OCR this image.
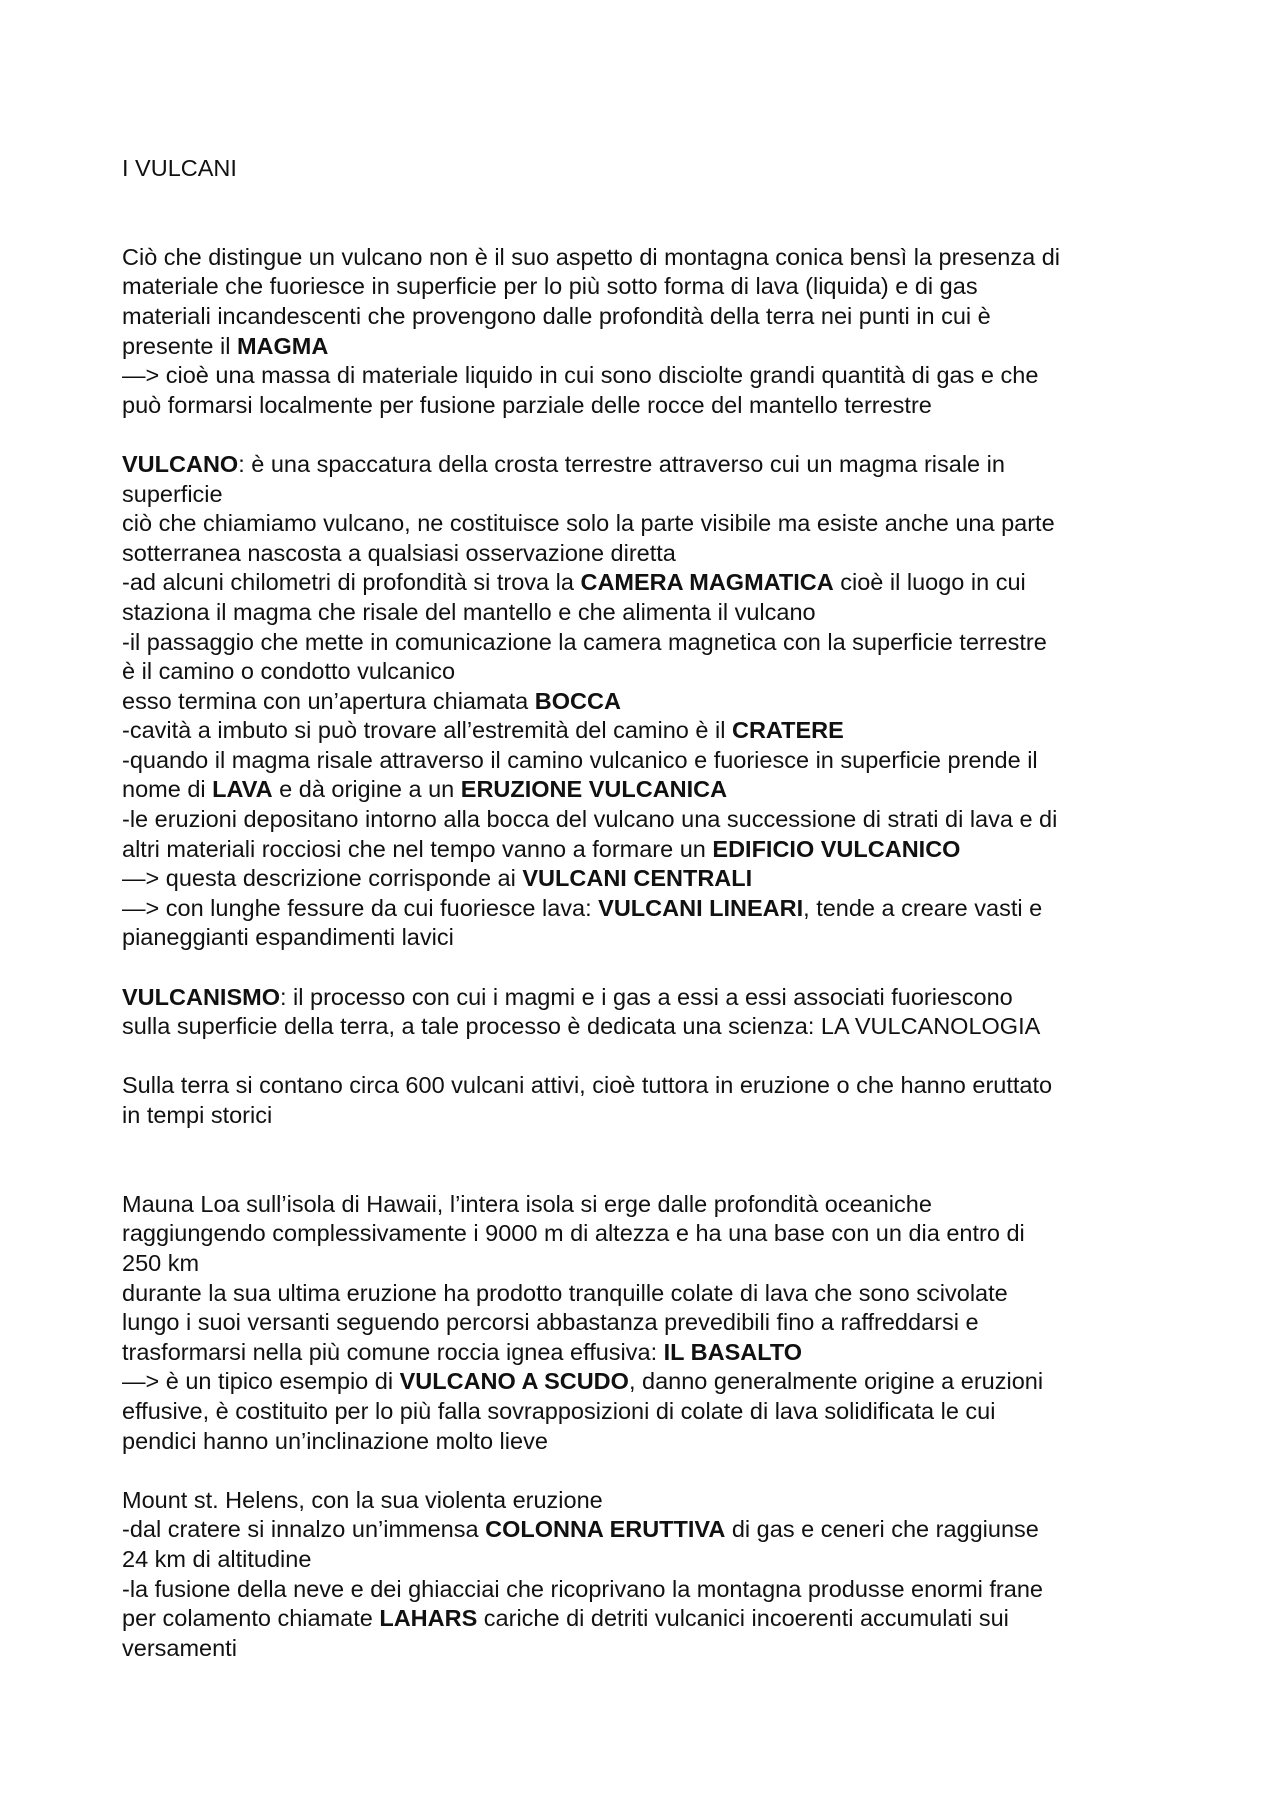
I VULCANI
Ciò che distingue un vulcano non è il suo aspetto di montagna conica bensì la presenza di
materiale che fuoriesce in superficie per lo più sotto forma di lava (liquida) e di gas
materiali incandescenti che provengono dalle profondità della terra nei punti in cui è
presente il MAGMA
—> cioè una massa di materiale liquido in cui sono disciolte grandi quantità di gas e che
può formarsi localmente per fusione parziale delle rocce del mantello terrestre
VULCANO: è una spaccatura della crosta terrestre attraverso cui un magma risale in
superficie
ciò che chiamiamo vulcano, ne costituisce solo la parte visibile ma esiste anche una parte
sotterranea nascosta a qualsiasi osservazione diretta
-ad alcuni chilometri di profondità si trova la CAMERA MAGMATICA cioè il luogo in cui
staziona il magma che risale del mantello e che alimenta il vulcano
-il passaggio che mette in comunicazione la camera magnetica con la superficie terrestre
è il camino o condotto vulcanico
esso termina con un’apertura chiamata BOCCA
-cavità a imbuto si può trovare all’estremità del camino è il CRATERE
-quando il magma risale attraverso il camino vulcanico e fuoriesce in superficie prende il
nome di LAVA e dà origine a un ERUZIONE VULCANICA
-le eruzioni depositano intorno alla bocca del vulcano una successione di strati di lava e di
altri materiali rocciosi che nel tempo vanno a formare un EDIFICIO VULCANICO
—> questa descrizione corrisponde ai VULCANI CENTRALI
—> con lunghe fessure da cui fuoriesce lava: VULCANI LINEARI, tende a creare vasti e
pianeggianti espandimenti lavici
VULCANISMO: il processo con cui i magmi e i gas a essi a essi associati fuoriescono
sulla superficie della terra, a tale processo è dedicata una scienza: LA VULCANOLOGIA
Sulla terra si contano circa 600 vulcani attivi, cioè tuttora in eruzione o che hanno eruttato
in tempi storici
Mauna Loa sull’isola di Hawaii, l’intera isola si erge dalle profondità oceaniche
raggiungendo complessivamente i 9000 m di altezza e ha una base con un dia entro di
250 km
durante la sua ultima eruzione ha prodotto tranquille colate di lava che sono scivolate
lungo i suoi versanti seguendo percorsi abbastanza prevedibili fino a raffreddarsi e
trasformarsi nella più comune roccia ignea effusiva: IL BASALTO
—> è un tipico esempio di VULCANO A SCUDO, danno generalmente origine a eruzioni
effusive, è costituito per lo più falla sovrapposizioni di colate di lava solidificata le cui
pendici hanno un’inclinazione molto lieve
Mount st. Helens, con la sua violenta eruzione
-dal cratere si innalzo un’immensa COLONNA ERUTTIVA di gas e ceneri che raggiunse
24 km di altitudine
-la fusione della neve e dei ghiacciai che ricoprivano la montagna produsse enormi frane
per colamento chiamate LAHARS cariche di detriti vulcanici incoerenti accumulati sui
versamenti
